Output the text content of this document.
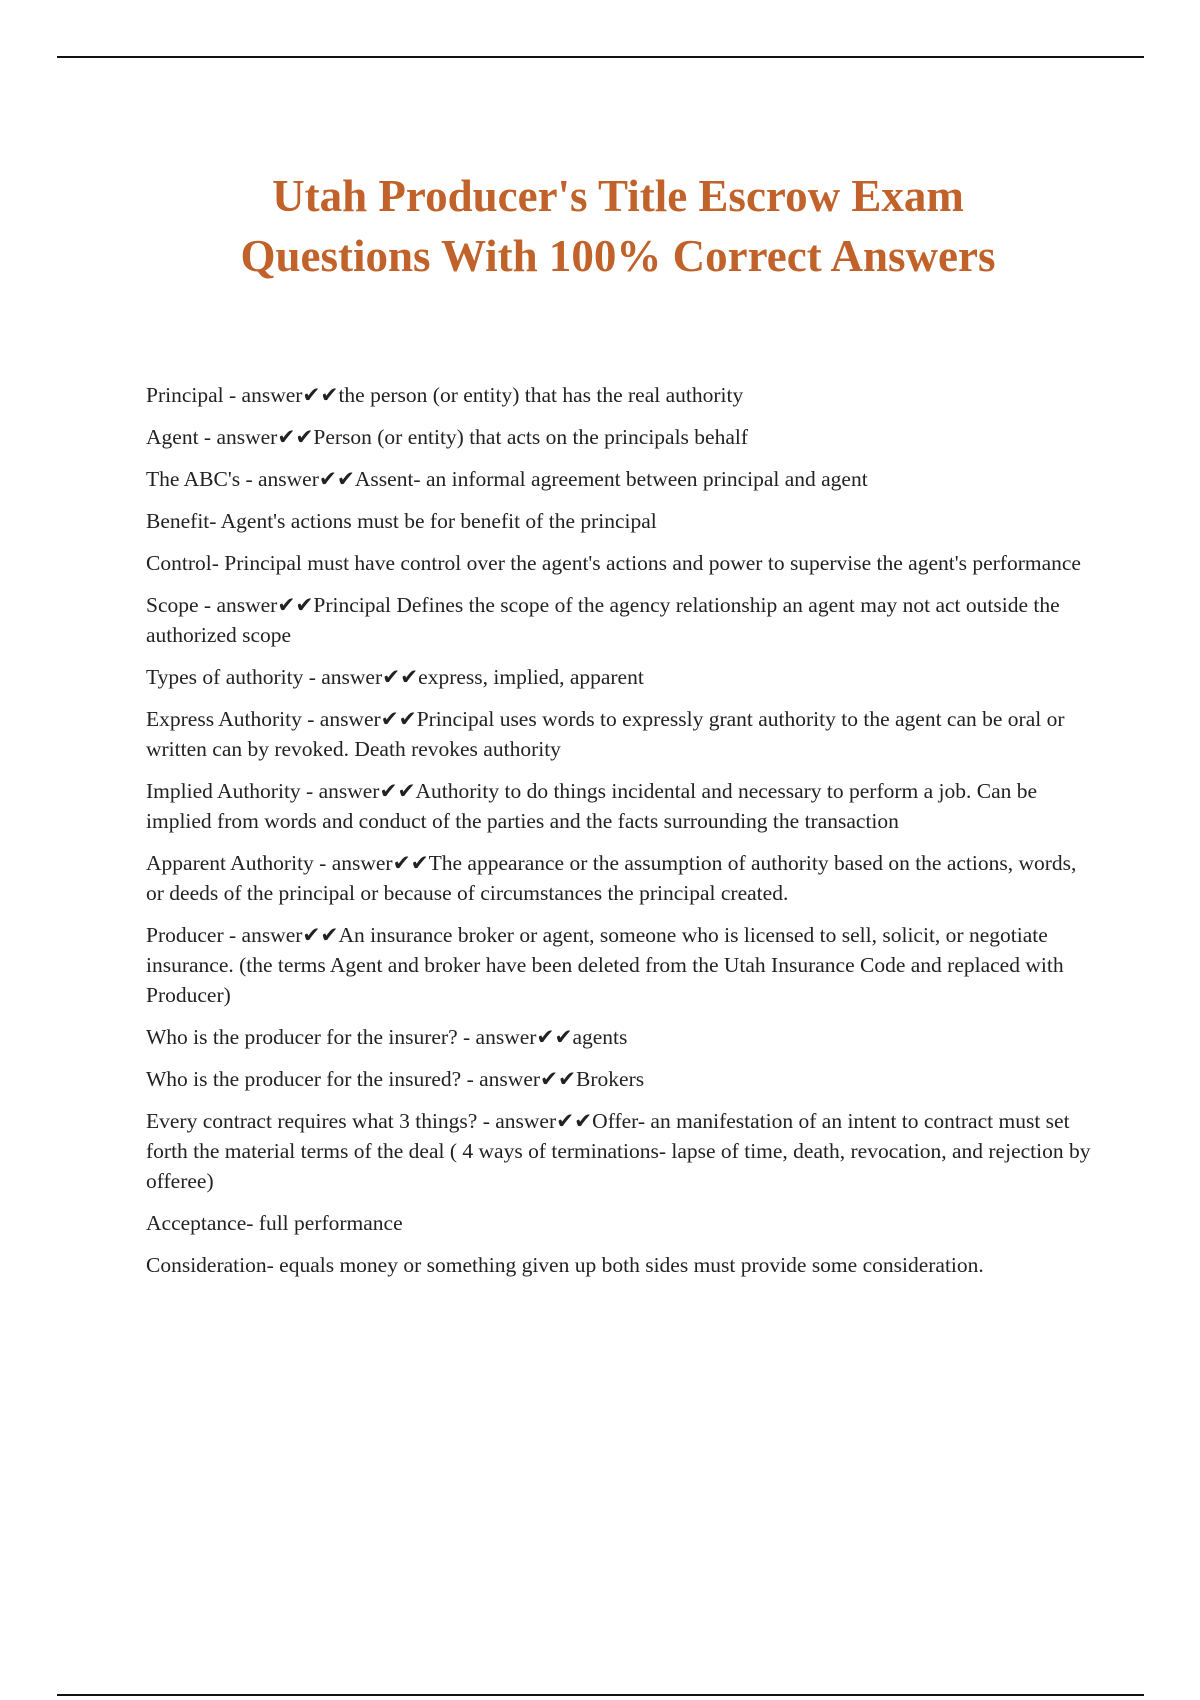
Utah Producer's Title Escrow Exam
Questions With 100% Correct Answers

Principal - answer✔✔the person (or entity) that has the real authority

Agent - answer✔✔Person (or entity) that acts on the principals behalf

The ABC's - answer✔✔Assent- an informal agreement between principal and agent

Benefit- Agent's actions must be for benefit of the principal

Control- Principal must have control over the agent's actions and power to supervise the agent's performance

Scope - answer✔✔Principal Defines the scope of the agency relationship an agent may not act outside the authorized scope

Types of authority - answer✔✔express, implied, apparent

Express Authority - answer✔✔Principal uses words to expressly grant authority to the agent can be oral or written can by revoked. Death revokes authority

Implied Authority - answer✔✔Authority to do things incidental and necessary to perform a job. Can be implied from words and conduct of the parties and the facts surrounding the transaction

Apparent Authority - answer✔✔The appearance or the assumption of authority based on the actions, words, or deeds of the principal or because of circumstances the principal created.

Producer - answer✔✔An insurance broker or agent, someone who is licensed to sell, solicit, or negotiate insurance. (the terms Agent and broker have been deleted from the Utah Insurance Code and replaced with Producer)

Who is the producer for the insurer? - answer✔✔agents

Who is the producer for the insured? - answer✔✔Brokers

Every contract requires what 3 things? - answer✔✔Offer- an manifestation of an intent to contract must set forth the material terms of the deal ( 4 ways of terminations- lapse of time, death, revocation, and rejection by offeree)

Acceptance- full performance

Consideration- equals money or something given up both sides must provide some consideration.
